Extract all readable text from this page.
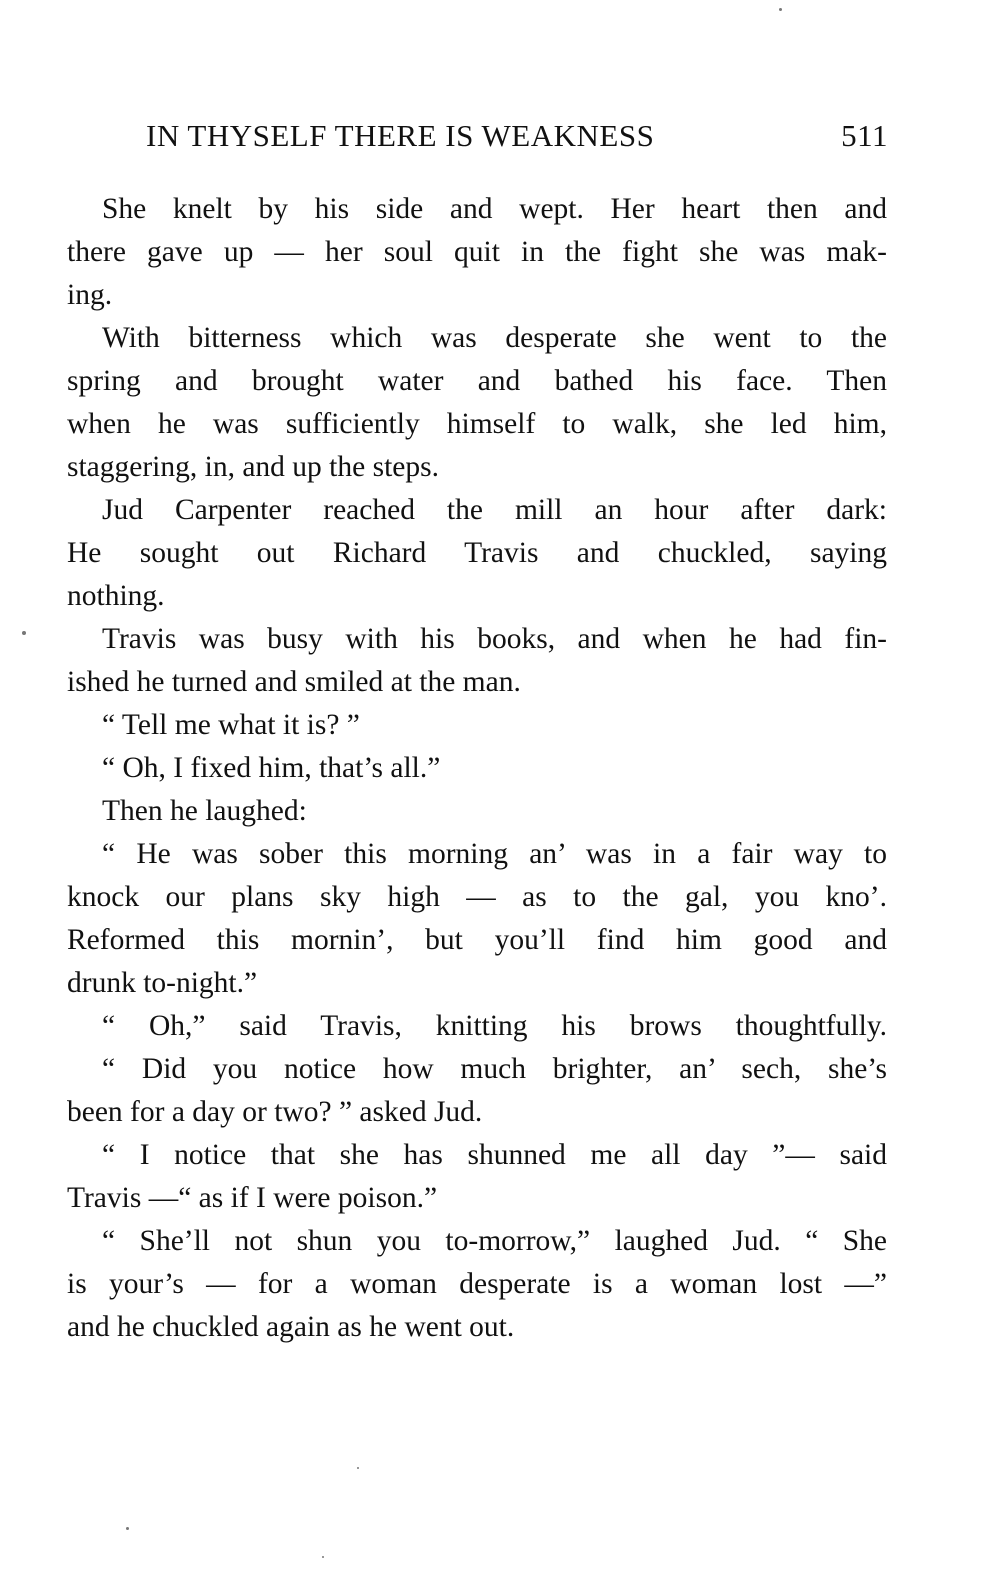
IN THYSELF THERE IS WEAKNESS	511
She knelt by his side and wept. Her heart then and
there gave up — her soul quit in the fight she was mak-
ing.
With bitterness which was desperate she went to the
spring and brought water and bathed his face. Then
when he was sufficiently himself to walk, she led him,
staggering, in, and up the steps.
Jud Carpenter reached the mill an hour after dark:
He sought out Richard Travis and chuckled, saying
nothing.
Travis was busy with his books, and when he had fin-
ished he turned and smiled at the man.
“ Tell me what it is? ”
“ Oh, I fixed him, that’s all.”
Then he laughed:
“ He was sober this morning an’ was in a fair way to
knock our plans sky high — as to the gal, you kno’.
Reformed this mornin’, but you’ll find him good and
drunk to-night.”
“ Oh,” said Travis, knitting his brows thoughtfully.
“ Did you notice how much brighter, an’ sech, she’s
been for a day or two? ” asked Jud.
“ I notice that she has shunned me all day ”— said
Travis —“ as if I were poison.”
“ She’ll not shun you to-morrow,” laughed Jud. “ She
is your’s — for a woman desperate is a woman lost —”
and he chuckled again as he went out.
